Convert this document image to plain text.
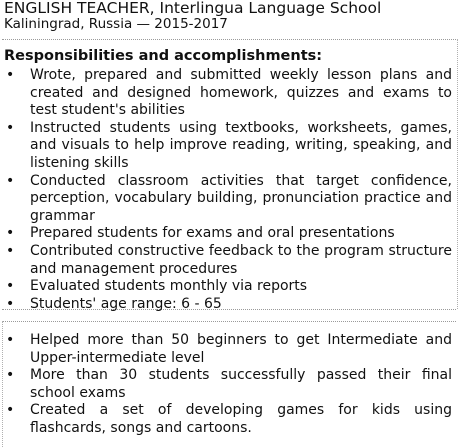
ENGLISH TEACHER, Interlingua Language School
Kaliningrad, Russia — 2015-2017
Responsibilities and accomplishments:
• Wrote, prepared and submitted weekly lesson plans and created and designed homework, quizzes and exams to test student's abilities
• Instructed students using textbooks, worksheets, games, and visuals to help improve reading, writing, speaking, and listening skills
• Conducted classroom activities that target confidence, perception, vocabulary building, pronunciation practice and grammar
• Prepared students for exams and oral presentations
• Contributed constructive feedback to the program structure and management procedures
• Evaluated students monthly via reports
• Students' age range: 6 - 65
• Helped more than 50 beginners to get Intermediate and Upper-intermediate level
• More than 30 students successfully passed their final school exams
• Created a set of developing games for kids using flashcards, songs and cartoons.
